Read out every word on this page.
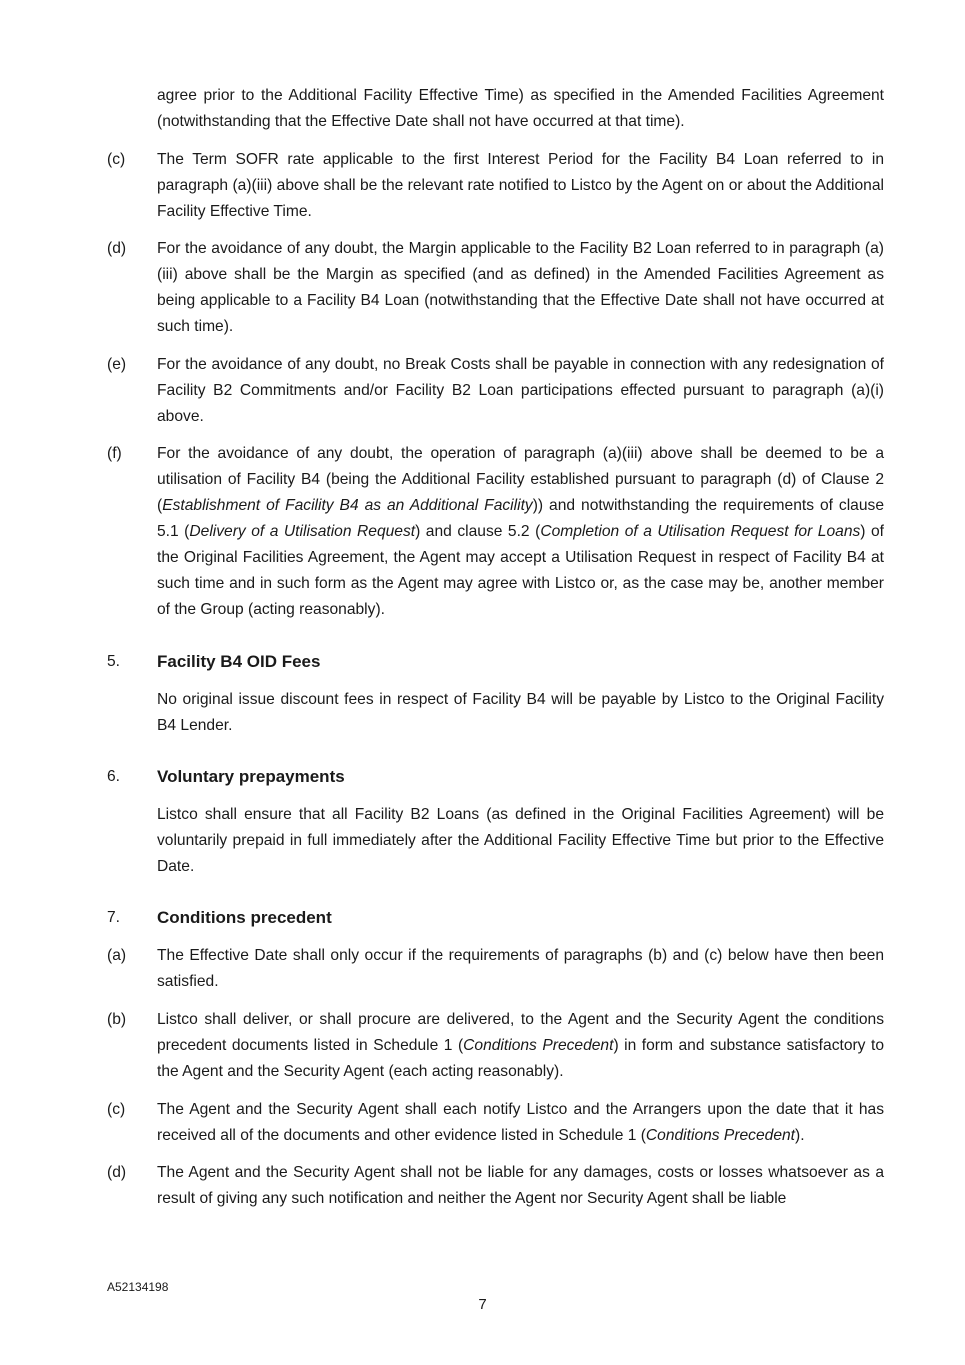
agree prior to the Additional Facility Effective Time) as specified in the Amended Facilities Agreement (notwithstanding that the Effective Date shall not have occurred at that time).
(c)	The Term SOFR rate applicable to the first Interest Period for the Facility B4 Loan referred to in paragraph (a)(iii) above shall be the relevant rate notified to Listco by the Agent on or about the Additional Facility Effective Time.
(d)	For the avoidance of any doubt, the Margin applicable to the Facility B2 Loan referred to in paragraph (a)(iii) above shall be the Margin as specified (and as defined) in the Amended Facilities Agreement as being applicable to a Facility B4 Loan (notwithstanding that the Effective Date shall not have occurred at such time).
(e)	For the avoidance of any doubt, no Break Costs shall be payable in connection with any redesignation of Facility B2 Commitments and/or Facility B2 Loan participations effected pursuant to paragraph (a)(i) above.
(f)	For the avoidance of any doubt, the operation of paragraph (a)(iii) above shall be deemed to be a utilisation of Facility B4 (being the Additional Facility established pursuant to paragraph (d) of Clause 2 (Establishment of Facility B4 as an Additional Facility)) and notwithstanding the requirements of clause 5.1 (Delivery of a Utilisation Request) and clause 5.2 (Completion of a Utilisation Request for Loans) of the Original Facilities Agreement, the Agent may accept a Utilisation Request in respect of Facility B4 at such time and in such form as the Agent may agree with Listco or, as the case may be, another member of the Group (acting reasonably).
5.	Facility B4 OID Fees
No original issue discount fees in respect of Facility B4 will be payable by Listco to the Original Facility B4 Lender.
6.	Voluntary prepayments
Listco shall ensure that all Facility B2 Loans (as defined in the Original Facilities Agreement) will be voluntarily prepaid in full immediately after the Additional Facility Effective Time but prior to the Effective Date.
7.	Conditions precedent
(a)	The Effective Date shall only occur if the requirements of paragraphs (b) and (c) below have then been satisfied.
(b)	Listco shall deliver, or shall procure are delivered, to the Agent and the Security Agent the conditions precedent documents listed in Schedule 1 (Conditions Precedent) in form and substance satisfactory to the Agent and the Security Agent (each acting reasonably).
(c)	The Agent and the Security Agent shall each notify Listco and the Arrangers upon the date that it has received all of the documents and other evidence listed in Schedule 1 (Conditions Precedent).
(d)	The Agent and the Security Agent shall not be liable for any damages, costs or losses whatsoever as a result of giving any such notification and neither the Agent nor Security Agent shall be liable
A52134198
7
